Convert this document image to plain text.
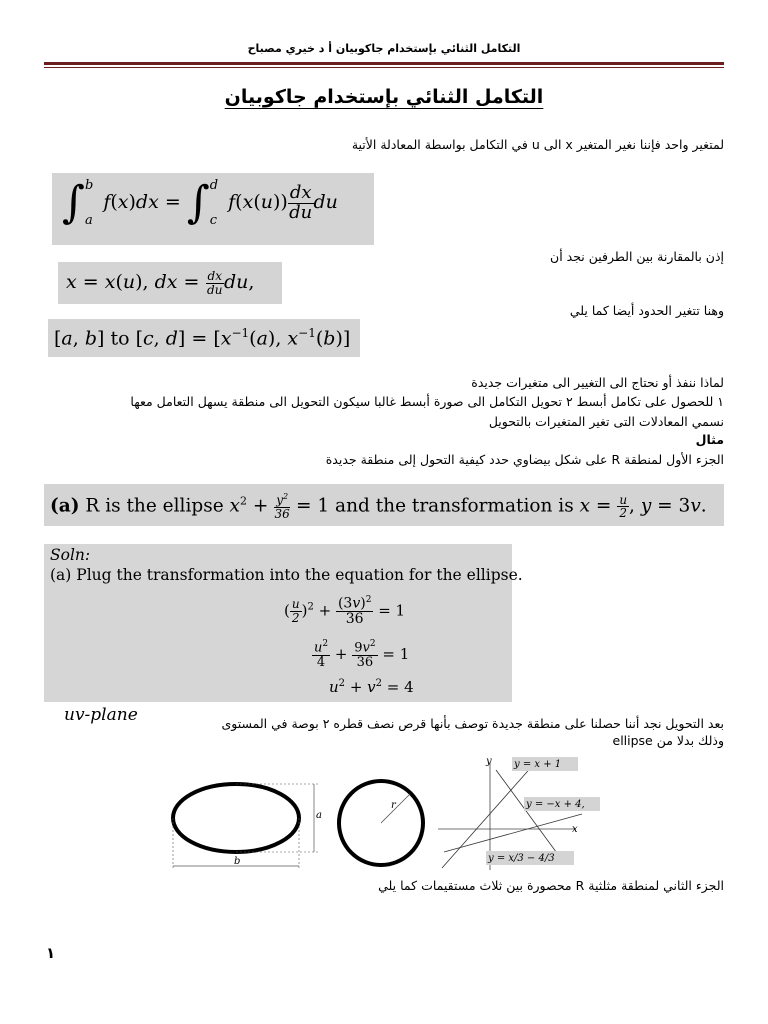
التكامل الثنائي بإستخدام جاكوبيان أ د خيري مصباح
التكامل الثنائي بإستخدام جاكوبيان
لمتغير واحد فإننا نغير المتغير x الى u في التكامل بواسطة المعادلة الأتية
∫ b
a
f(x)dx = ∫ d
c
$f(x(u)) \frac{dx}{du}$ du
إذن بالمقارنة بين الطرفين نجد أن
x = x(u), dx = $\frac{dx}{du}$ du,
وهنا تتغير الحدود أيضا كما يلي
[a, b] to [c, $d] = [x^{-1}(a)$, $x^{-1}(b)$]
لماذا ننفذ أو نحتاج الى التغيير الى متغيرات جديدة
١ للحصول على تكامل أبسط ٢ تحويل التكامل الى صورة أبسط غالبا سيكون التحويل الى منطقة يسهل التعامل معها
نسمي المعادلات التى تغير المتغيرات بالتحويل
مثال
الجزء الأول لمنطقة R على شكل بيضاوي حدد كيفية التحول إلى منطقة جديدة
(a) R is the ellipse $x^2 + \frac{y^2}{36} = 1$ and the transformation is $x = \frac{u}{2}$ , y = 3v.
Soln:
(a) Plug the transformation into the equation for the ellipse.
( $\frac{u}{2} )^2 + \frac{(3v)^2}{36} = 1$
$\frac{u^2}{4} + \frac{9v^2}{36} = 1$
$u^2 + v^2 = 4$
بعد التحويل نجد أننا حصلنا على منطقة جديدة توصف بأنها قرص نصف قطره ٢ بوصة في المستوى
uv-plane
وذلك بدلا من ellipse
a
b
r
y
x
y = x + 1
y = −x + 4,
y = x/3 − 4/3
الجزء الثاني لمنطقة مثلثية R محصورة بين ثلاث مستقيمات كما يلي
١
